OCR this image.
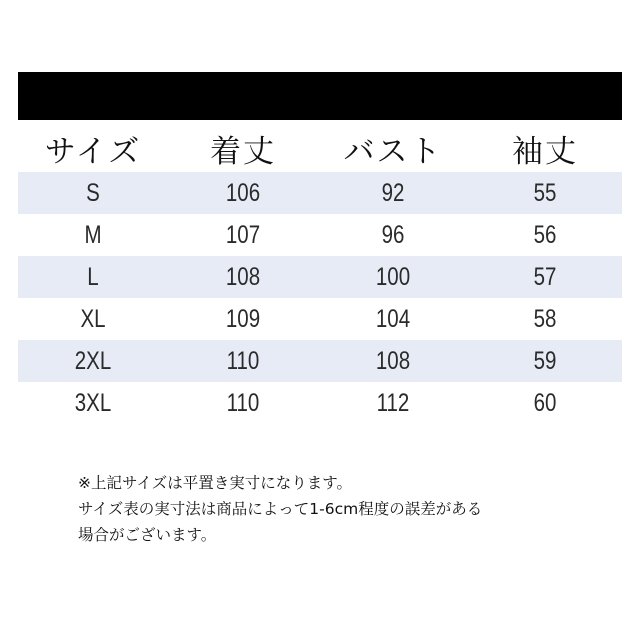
サイズ	着丈	バスト	袖丈
S	106	92	55
M	107	96	56
L	108	100	57
XL	109	104	58
2XL	110	108	59
3XL	110	112	60
※上記サイズは平置き実寸になります。
サイズ表の実寸法は商品によって1-6cm程度の誤差がある
場合がございます。
